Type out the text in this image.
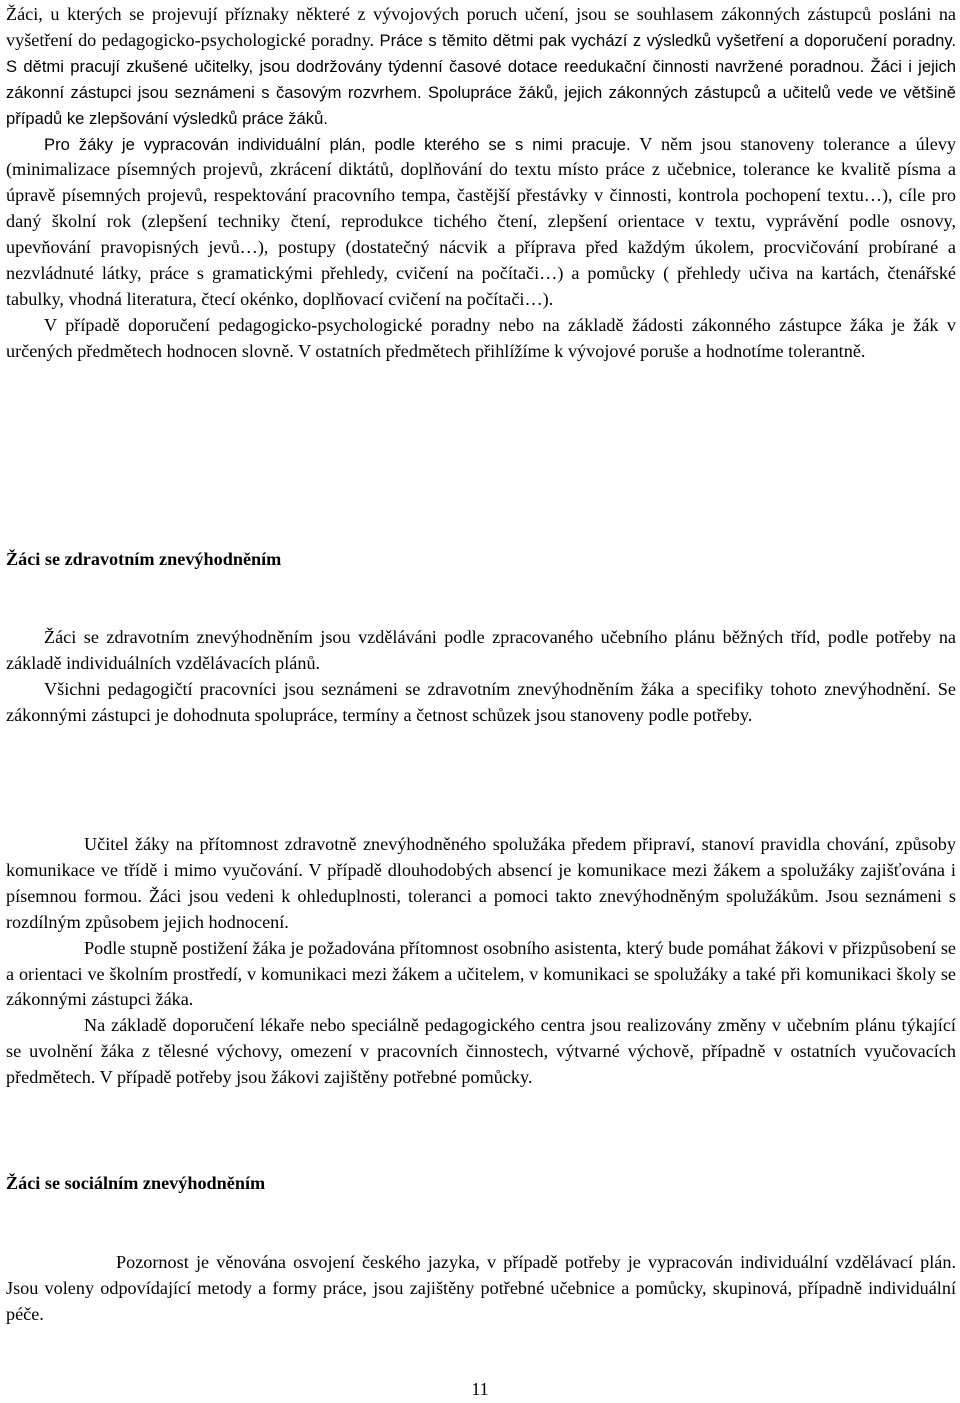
Žáci, u kterých se projevují příznaky některé z vývojových poruch učení, jsou se souhlasem zákonných zástupců posláni na vyšetření do pedagogicko-psychologické poradny. Práce s těmito dětmi pak vychází z výsledků vyšetření a doporučení poradny. S dětmi pracují zkušené učitelky, jsou dodržovány týdenní časové dotace reedukační činnosti navržené poradnou. Žáci i jejich zákonní zástupci jsou seznámeni s časovým rozvrhem. Spolupráce žáků, jejich zákonných zástupců a učitelů vede ve většině případů ke zlepšování výsledků práce žáků.

Pro žáky je vypracován individuální plán, podle kterého se s nimi pracuje. V něm jsou stanoveny tolerance a úlevy (minimalizace písemných projevů, zkrácení diktátů, doplňování do textu místo práce z učebnice, tolerance ke kvalitě písma a úpravě písemných projevů, respektování pracovního tempa, častější přestávky v činnosti, kontrola pochopení textu…), cíle pro daný školní rok (zlepšení techniky čtení, reprodukce tichého čtení, zlepšení orientace v textu, vyprávění podle osnovy, upevňování pravopisných jevů…), postupy (dostatečný nácvik a příprava před každým úkolem, procvičování probírané a nezvládnuté látky, práce s gramatickými přehledy, cvičení na počítači…) a pomůcky ( přehledy učiva na kartách, čtenářské tabulky, vhodná literatura, čtecí okénko, doplňovací cvičení na počítači…).

V případě doporučení pedagogicko-psychologické poradny nebo na základě žádosti zákonného zástupce žáka je žák v určených předmětech hodnocen slovně. V ostatních předmětech přihlížíme k vývojové poruše a hodnotíme tolerantně.

Žáci se zdravotním znevýhodněním

Žáci se zdravotním znevýhodněním jsou vzděláváni podle zpracovaného učebního plánu běžných tříd, podle potřeby na základě individuálních vzdělávacích plánů.

Všichni pedagogičtí pracovníci jsou seznámeni se zdravotním znevýhodněním žáka a specifiky tohoto znevýhodnění. Se zákonnými zástupci je dohodnuta spolupráce, termíny a četnost schůzek jsou stanoveny podle potřeby.

Učitel žáky na přítomnost zdravotně znevýhodněného spolužáka předem připraví, stanoví pravidla chování, způsoby komunikace ve třídě i mimo vyučování. V případě dlouhodobých absencí je komunikace mezi žákem a spolužáky zajišťována i písemnou formou. Žáci jsou vedeni k ohleduplnosti, toleranci a pomoci takto znevýhodněným spolužákům. Jsou seznámeni s rozdílným způsobem jejich hodnocení.

Podle stupně postižení žáka je požadována přítomnost osobního asistenta, který bude pomáhat žákovi v přizpůsobení se a orientaci ve školním prostředí, v komunikaci mezi žákem a učitelem, v komunikaci se spolužáky a také při komunikaci školy se zákonnými zástupci žáka.

Na základě doporučení lékaře nebo speciálně pedagogického centra jsou realizovány změny v učebním plánu týkající se uvolnění žáka z tělesné výchovy, omezení v pracovních činnostech, výtvarné výchově, případně v ostatních vyučovacích předmětech. V případě potřeby jsou žákovi zajištěny potřebné pomůcky.

Žáci se sociálním znevýhodněním

Pozornost je věnována osvojení českého jazyka, v případě potřeby je vypracován individuální vzdělávací plán. Jsou voleny odpovídající metody a formy práce, jsou zajištěny potřebné učebnice a pomůcky, skupinová, případně individuální péče.

11
